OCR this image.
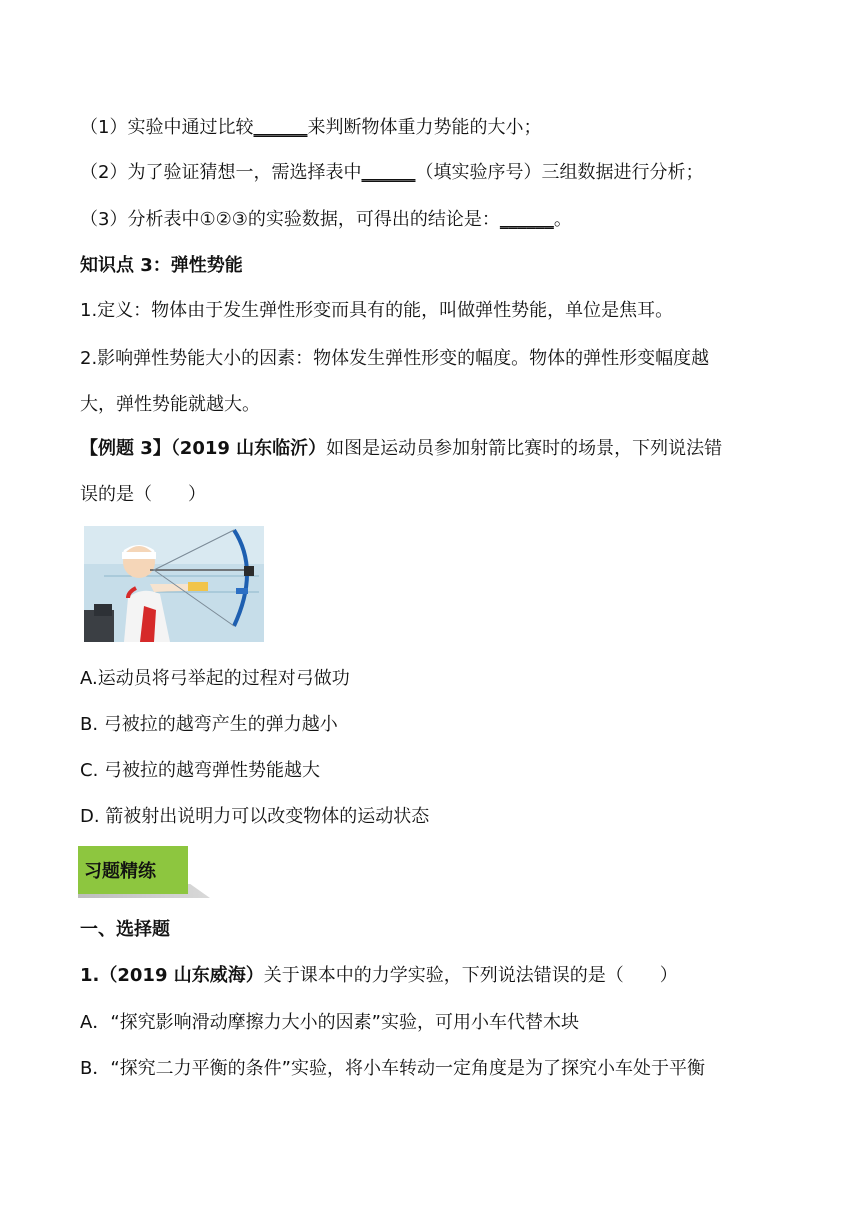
（1）实验中通过比较______来判断物体重力势能的大小；
（2）为了验证猜想一，需选择表中______（填实验序号）三组数据进行分析；
（3）分析表中①②③的实验数据，可得出的结论是：______。
知识点 3：弹性势能
1.定义：物体由于发生弹性形变而具有的能，叫做弹性势能，单位是焦耳。
2.影响弹性势能大小的因素：物体发生弹性形变的幅度。物体的弹性形变幅度越
大，弹性势能就越大。
【例题 3】（2019 山东临沂）如图是运动员参加射箭比赛时的场景，下列说法错
误的是（　　）
A.运动员将弓举起的过程对弓做功
B. 弓被拉的越弯产生的弹力越小
C. 弓被拉的越弯弹性势能越大
D. 箭被射出说明力可以改变物体的运动状态
习题精练
一、选择题
1.（2019 山东威海）关于课本中的力学实验，下列说法错误的是（　　）
A．“探究影响滑动摩擦力大小的因素”实验，可用小车代替木块
B．“探究二力平衡的条件”实验，将小车转动一定角度是为了探究小车处于平衡
